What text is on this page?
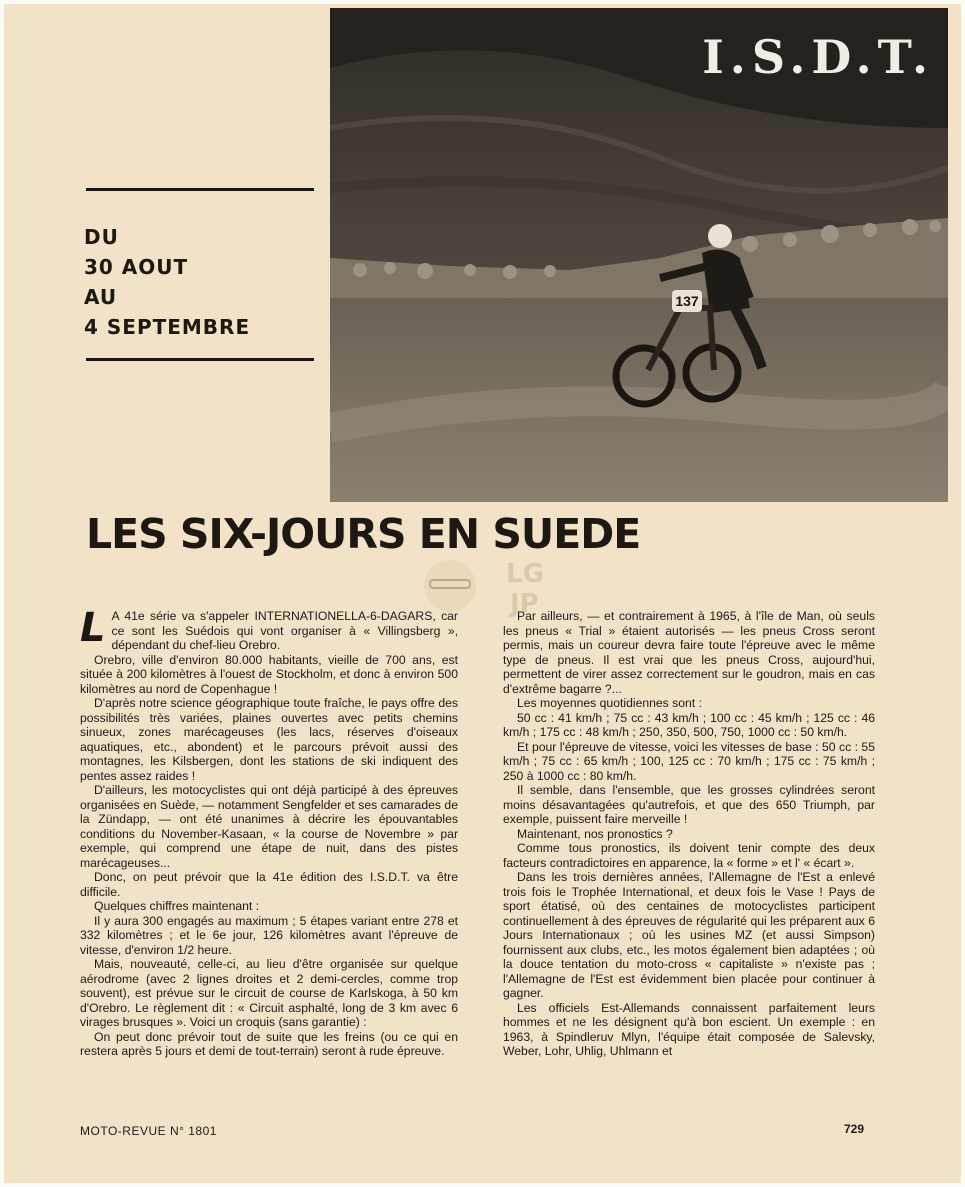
137
I.S.D.T.
DU
30 AOUT
AU
4 SEPTEMBRE
LES SIX-JOURS EN SUEDE
LG
JP

L A 41e série va s'appeler INTERNATIONELLA-6-DAGARS, car ce sont les Suédois qui vont organiser à « Villingsberg », dépendant du chef-lieu Orebro.

Orebro, ville d'environ 80.000 habitants, vieille de 700 ans, est située à 200 kilomètres à l'ouest de Stockholm, et donc à environ 500 kilomètres au nord de Copenhague !

D'après notre science géographique toute fraîche, le pays offre des possibilités très variées, plaines ouvertes avec petits chemins sinueux, zones marécageuses (les lacs, réserves d'oiseaux aquatiques, etc., abondent) et le parcours prévoit aussi des montagnes, les Kilsbergen, dont les stations de ski indiquent des pentes assez raides !

D'ailleurs, les motocyclistes qui ont déjà participé à des épreuves organisées en Suède, — notamment Sengfelder et ses camarades de la Zündapp, — ont été unanimes à décrire les épouvantables conditions du November-Kasaan, « la course de Novembre » par exemple, qui comprend une étape de nuit, dans des pistes marécageuses...

Donc, on peut prévoir que la 41e édition des I.S.D.T. va être difficile.

Quelques chiffres maintenant :

Il y aura 300 engagés au maximum ; 5 étapes variant entre 278 et 332 kilomètres ; et le 6e jour, 126 kilomètres avant l'épreuve de vitesse, d'environ 1/2 heure.

Mais, nouveauté, celle-ci, au lieu d'être organisée sur quelque aérodrome (avec 2 lignes droites et 2 demi-cercles, comme trop souvent), est prévue sur le circuit de course de Karlskoga, à 50 km d'Orebro. Le règlement dit : « Circuit asphalté, long de 3 km avec 6 virages brusques ». Voici un croquis (sans garantie) :

On peut donc prévoir tout de suite que les freins (ou ce qui en restera après 5 jours et demi de tout-terrain) seront à rude épreuve.

Par ailleurs, — et contrairement à 1965, à l'île de Man, où seuls les pneus « Trial » étaient autorisés — les pneus Cross seront permis, mais un coureur devra faire toute l'épreuve avec le même type de pneus. Il est vrai que les pneus Cross, aujourd'hui, permettent de virer assez correctement sur le goudron, mais en cas d'extrême bagarre ?...

Les moyennes quotidiennes sont :

50 cc : 41 km/h ; 75 cc : 43 km/h ; 100 cc : 45 km/h ; 125 cc : 46 km/h ; 175 cc : 48 km/h ; 250, 350, 500, 750, 1000 cc : 50 km/h.

Et pour l'épreuve de vitesse, voici les vitesses de base : 50 cc : 55 km/h ; 75 cc : 65 km/h ; 100, 125 cc : 70 km/h ; 175 cc : 75 km/h ; 250 à 1000 cc : 80 km/h.

Il semble, dans l'ensemble, que les grosses cylindrées seront moins désavantagées qu'autrefois, et que des 650 Triumph, par exemple, puissent faire merveille !

Maintenant, nos pronostics ?

Comme tous pronostics, ils doivent tenir compte des deux facteurs contradictoires en apparence, la « forme » et l' « écart ».

Dans les trois dernières années, l'Allemagne de l'Est a enlevé trois fois le Trophée International, et deux fois le Vase ! Pays de sport étatisé, où des centaines de motocyclistes participent continuellement à des épreuves de régularité qui les préparent aux 6 Jours Internationaux ; où les usines MZ (et aussi Simpson) fournissent aux clubs, etc., les motos également bien adaptées ; où la douce tentation du moto-cross « capitaliste » n'existe pas ; l'Allemagne de l'Est est évidemment bien placée pour continuer à gagner.

Les officiels Est-Allemands connaissent parfaitement leurs hommes et ne les désignent qu'à bon escient. Un exemple : en 1963, à Spindleruv Mlyn, l'équipe était composée de Salevsky, Weber, Lohr, Uhlig, Uhlmann et

MOTO-REVUE N° 1801	729
